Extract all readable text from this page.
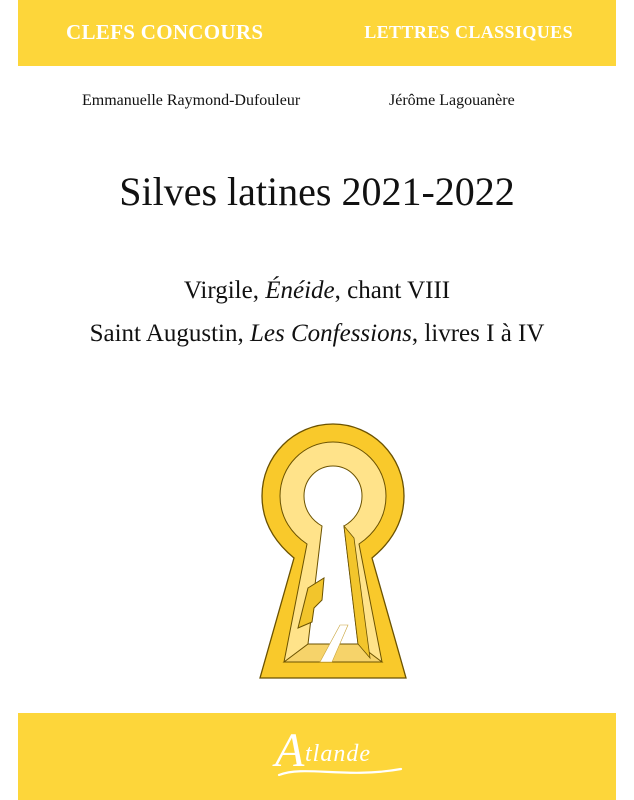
CLEFS CONCOURS	LETTRES CLASSIQUES
Emmanuelle Raymond-Dufouleur	Jérôme Lagouanère
Silves latines 2021-2022
Virgile, Énéide, chant VIII
Saint Augustin, Les Confessions, livres I à IV
A tlande
